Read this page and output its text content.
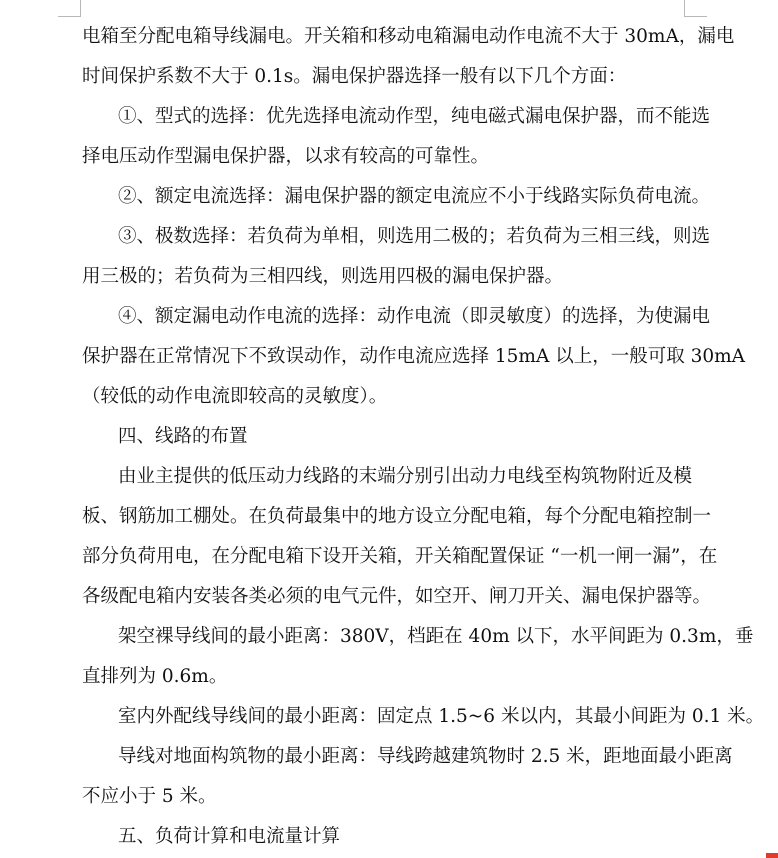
电箱至分配电箱导线漏电。开关箱和移动电箱漏电动作电流不大于 30mA，漏电
时间保护系数不大于 0.1s。漏电保护器选择一般有以下几个方面：
①、型式的选择：优先选择电流动作型，纯电磁式漏电保护器，而不能选
择电压动作型漏电保护器，以求有较高的可靠性。
②、额定电流选择：漏电保护器的额定电流应不小于线路实际负荷电流。
③、极数选择：若负荷为单相，则选用二极的；若负荷为三相三线，则选
用三极的；若负荷为三相四线，则选用四极的漏电保护器。
④、额定漏电动作电流的选择：动作电流（即灵敏度）的选择，为使漏电
保护器在正常情况下不致误动作，动作电流应选择 15mA 以上，一般可取 30mA
（较低的动作电流即较高的灵敏度）。
四、线路的布置
由业主提供的低压动力线路的末端分别引出动力电线至构筑物附近及模
板、钢筋加工棚处。在负荷最集中的地方设立分配电箱，每个分配电箱控制一
部分负荷用电，在分配电箱下设开关箱，开关箱配置保证 “一机一闸一漏”，在
各级配电箱内安装各类必须的电气元件，如空开、闸刀开关、漏电保护器等。
架空裸导线间的最小距离：380V，档距在 40m 以下，水平间距为 0.3m，垂
直排列为 0.6m。
室内外配线导线间的最小距离：固定点 1.5~6 米以内，其最小间距为 0.1 米。
导线对地面构筑物的最小距离：导线跨越建筑物时 2.5 米，距地面最小距离
不应小于 5 米。
五、负荷计算和电流量计算
